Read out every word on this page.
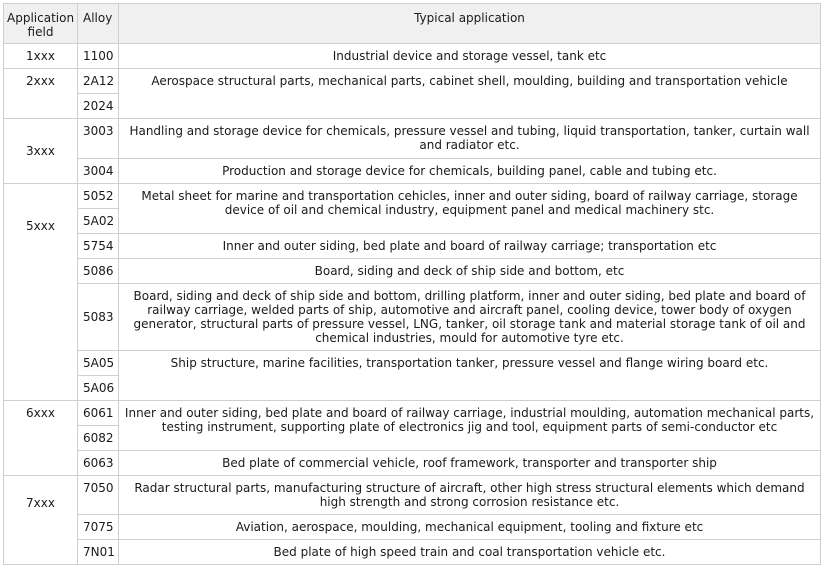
Application field	Alloy	Typical application
1xxx	1100	Industrial device and storage vessel, tank etc
2xxx	2A12	Aerospace structural parts, mechanical parts, cabinet shell, moulding, building and transportation vehicle
	2024	
3xxx	3003	Handling and storage device for chemicals, pressure vessel and tubing, liquid transportation, tanker, curtain wall and radiator etc.
	3004	Production and storage device for chemicals, building panel, cable and tubing etc.
5xxx	5052	Metal sheet for marine and transportation cehicles, inner and outer siding, board of railway carriage, storage device of oil and chemical industry, equipment panel and medical machinery stc.
	5A02	
	5754	Inner and outer siding, bed plate and board of railway carriage; transportation etc
	5086	Board, siding and deck of ship side and bottom, etc
	5083	Board, siding and deck of ship side and bottom, drilling platform, inner and outer siding, bed plate and board of railway carriage, welded parts of ship, automotive and aircraft panel, cooling device, tower body of oxygen generator, structural parts of pressure vessel, LNG, tanker, oil storage tank and material storage tank of oil and chemical industries, mould for automotive tyre etc.
	5A05	Ship structure, marine facilities, transportation tanker, pressure vessel and flange wiring board etc.
	5A06	
6xxx	6061	Inner and outer siding, bed plate and board of railway carriage, industrial moulding, automation mechanical parts, testing instrument, supporting plate of electronics jig and tool, equipment parts of semi-conductor etc
	6082	
	6063	Bed plate of commercial vehicle, roof framework, transporter and transporter ship
7xxx	7050	Radar structural parts, manufacturing structure of aircraft, other high stress structural elements which demand high strength and strong corrosion resistance etc.
	7075	Aviation, aerospace, moulding, mechanical equipment, tooling and fixture etc
	7N01	Bed plate of high speed train and coal transportation vehicle etc.
